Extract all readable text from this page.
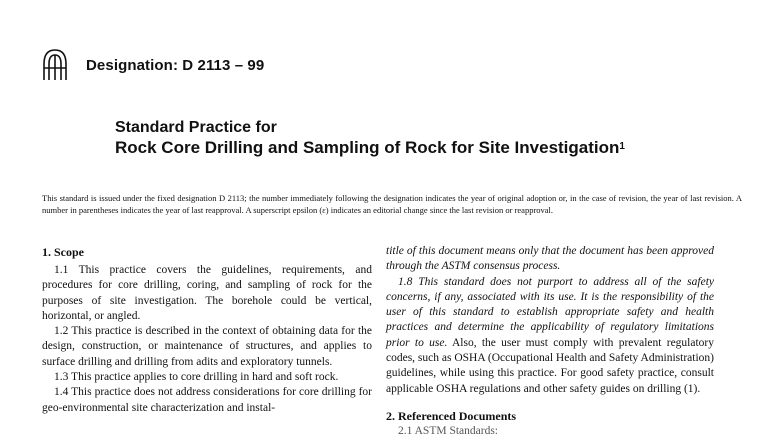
Designation: D 2113 – 99
Standard Practice for
Rock Core Drilling and Sampling of Rock for Site Investigation$^1$
This standard is issued under the fixed designation D 2113; the number immediately following the designation indicates the year of original adoption or, in the case of revision, the year of last revision. A number in parentheses indicates the year of last reapproval. A superscript epsilon (ε) indicates an editorial change since the last revision or reapproval.
1. Scope

1.1 This practice covers the guidelines, requirements, and procedures for core drilling, coring, and sampling of rock for the purposes of site investigation. The borehole could be vertical, horizontal, or angled.

1.2 This practice is described in the context of obtaining data for the design, construction, or maintenance of structures, and applies to surface drilling and drilling from adits and exploratory tunnels.

1.3 This practice applies to core drilling in hard and soft rock.

1.4 This practice does not address considerations for core drilling for geo-environmental site characterization and instal-

title of this document means only that the document has been approved through the ASTM consensus process.

1.8 This standard does not purport to address all of the safety concerns, if any, associated with its use. It is the responsibility of the user of this standard to establish appropriate safety and health practices and determine the applicability of regulatory limitations prior to use. Also, the user must comply with prevalent regulatory codes, such as OSHA (Occupational Health and Safety Administration) guidelines, while using this practice. For good safety practice, consult applicable OSHA regulations and other safety guides on drilling (1).

2. Referenced Documents
2.1 ASTM Standards:
